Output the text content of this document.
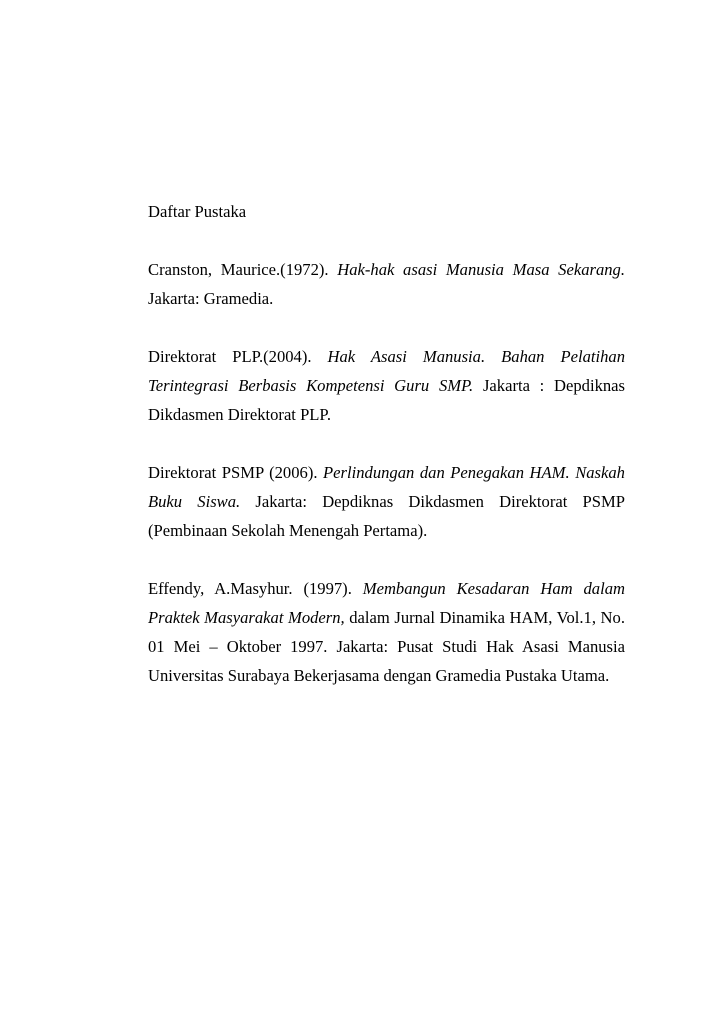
Daftar Pustaka

Cranston, Maurice.(1972). Hak-hak asasi Manusia Masa Sekarang. Jakarta: Gramedia.

Direktorat PLP.(2004). Hak Asasi Manusia. Bahan Pelatihan Terintegrasi Berbasis Kompetensi Guru SMP. Jakarta : Depdiknas Dikdasmen Direktorat PLP.

Direktorat PSMP (2006). Perlindungan dan Penegakan HAM. Naskah Buku Siswa. Jakarta: Depdiknas Dikdasmen Direktorat PSMP (Pembinaan Sekolah Menengah Pertama).

Effendy, A.Masyhur. (1997). Membangun Kesadaran Ham dalam Praktek Masyarakat Modern, dalam Jurnal Dinamika HAM, Vol.1, No. 01 Mei – Oktober 1997. Jakarta: Pusat Studi Hak Asasi Manusia Universitas Surabaya Bekerjasama dengan Gramedia Pustaka Utama.
